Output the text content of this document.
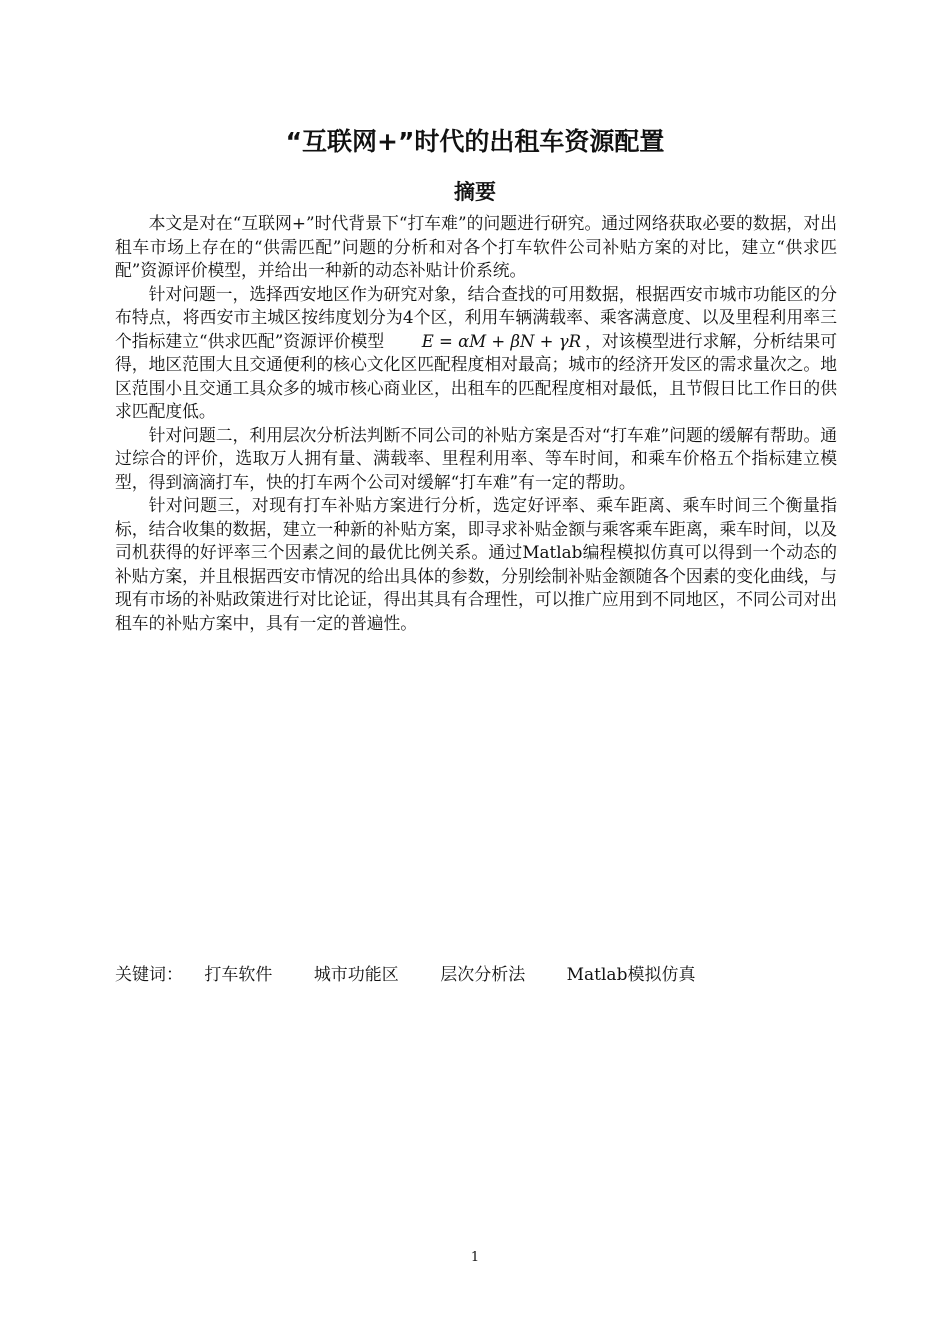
“互联网+”时代的出租车资源配置
摘要

本文是对在“互联网+”时代背景下“打车难”的问题进行研究。通过网络获取必要的数据，对出租车市场上存在的“供需匹配”问题的分析和对各个打车软件公司补贴方案的对比，建立“供求匹配”资源评价模型，并给出一种新的动态补贴计价系统。

针对问题一，选择西安地区作为研究对象，结合查找的可用数据，根据西安市城市功能区的分布特点，将西安市主城区按纬度划分为4个区，利用车辆满载率、乘客满意度、以及里程利用率三个指标建立“供求匹配”资源评价模型 E = αM + βN + γR ，对该模型进行求解，分析结果可得，地区范围大且交通便利的核心文化区匹配程度相对最高；城市的经济开发区的需求量次之。地区范围小且交通工具众多的城市核心商业区，出租车的匹配程度相对最低，且节假日比工作日的供求匹配度低。

针对问题二，利用层次分析法判断不同公司的补贴方案是否对“打车难”问题的缓解有帮助。通过综合的评价，选取万人拥有量、满载率、里程利用率、等车时间，和乘车价格五个指标建立模型，得到滴滴打车，快的打车两个公司对缓解“打车难”有一定的帮助。

针对问题三，对现有打车补贴方案进行分析，选定好评率、乘车距离、乘车时间三个衡量指标，结合收集的数据，建立一种新的补贴方案，即寻求补贴金额与乘客乘车距离，乘车时间，以及司机获得的好评率三个因素之间的最优比例关系。通过Matlab编程模拟仿真可以得到一个动态的补贴方案，并且根据西安市情况的给出具体的参数，分别绘制补贴金额随各个因素的变化曲线，与现有市场的补贴政策进行对比论证，得出其具有合理性，可以推广应用到不同地区，不同公司对出租车的补贴方案中，具有一定的普遍性。

关键词： 打车软件 城市功能区 层次分析法 Matlab模拟仿真
1
